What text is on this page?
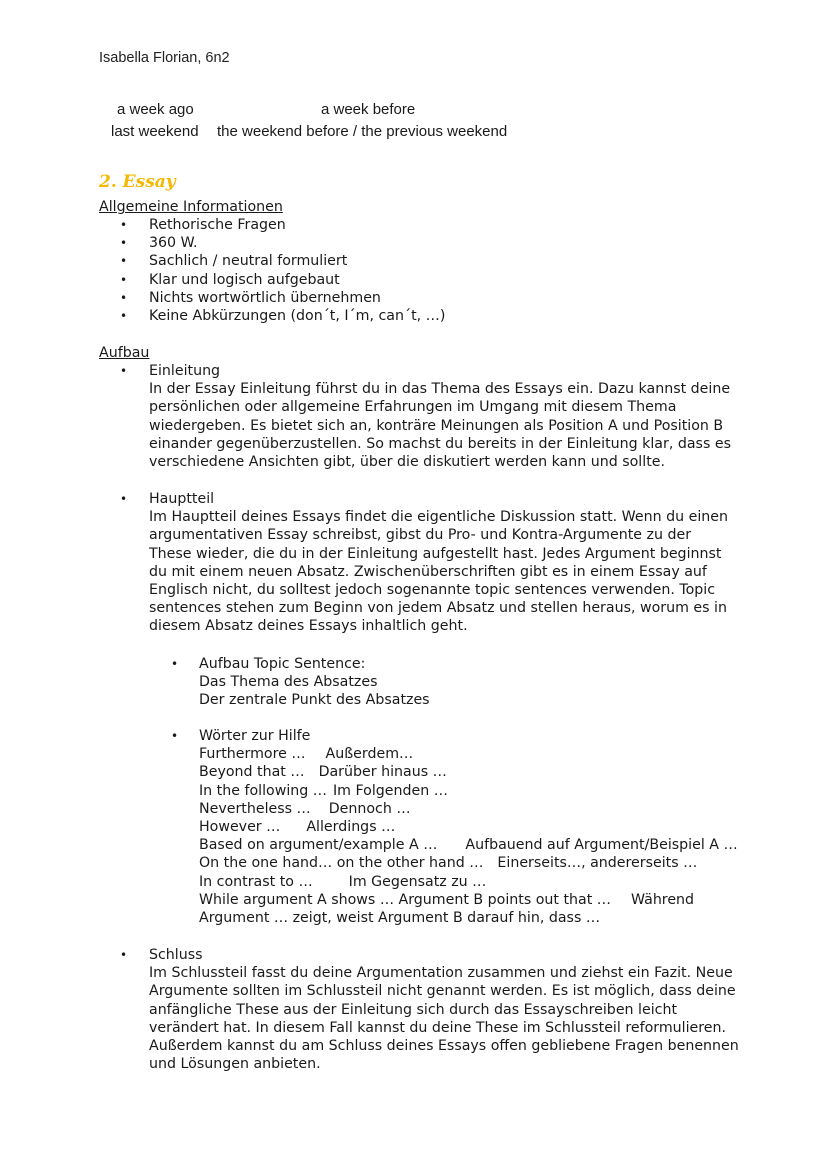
Isabella Florian, 6n2
a week ago	a week before
last weekend the weekend before / the previous weekend
2. Essay
Allgemeine Informationen
• Rethorische Fragen
• 360 W.
• Sachlich / neutral formuliert
• Klar und logisch aufgebaut
• Nichts wortwörtlich übernehmen
• Keine Abkürzungen (don´t, I´m, can´t, …)
Aufbau
• Einleitung
In der Essay Einleitung führst du in das Thema des Essays ein. Dazu kannst deine
persönlichen oder allgemeine Erfahrungen im Umgang mit diesem Thema
wiedergeben. Es bietet sich an, konträre Meinungen als Position A und Position B
einander gegenüberzustellen. So machst du bereits in der Einleitung klar, dass es
verschiedene Ansichten gibt, über die diskutiert werden kann und sollte.
• Hauptteil
Im Hauptteil deines Essays findet die eigentliche Diskussion statt. Wenn du einen
argumentativen Essay schreibst, gibst du Pro- und Kontra-Argumente zu der
These wieder, die du in der Einleitung aufgestellt hast. Jedes Argument beginnst
du mit einem neuen Absatz. Zwischenüberschriften gibt es in einem Essay auf
Englisch nicht, du solltest jedoch sogenannte topic sentences verwenden. Topic
sentences stehen zum Beginn von jedem Absatz und stellen heraus, worum es in
diesem Absatz deines Essays inhaltlich geht.
• Aufbau Topic Sentence:
Das Thema des Absatzes
Der zentrale Punkt des Absatzes
• Wörter zur Hilfe
Furthermore … Außerdem…
Beyond that … Darüber hinaus …
In the following … Im Folgenden …
Nevertheless … Dennoch …
However … Allerdings …
Based on argument/example A … Aufbauend auf Argument/Beispiel A …
On the one hand… on the other hand … Einerseits…, andererseits …
In contrast to …	Im Gegensatz zu …
While argument A shows … Argument B points out that … Während
Argument … zeigt, weist Argument B darauf hin, dass …
• Schluss
Im Schlussteil fasst du deine Argumentation zusammen und ziehst ein Fazit. Neue
Argumente sollten im Schlussteil nicht genannt werden. Es ist möglich, dass deine
anfängliche These aus der Einleitung sich durch das Essayschreiben leicht
verändert hat. In diesem Fall kannst du deine These im Schlussteil reformulieren.
Außerdem kannst du am Schluss deines Essays offen gebliebene Fragen benennen
und Lösungen anbieten.
